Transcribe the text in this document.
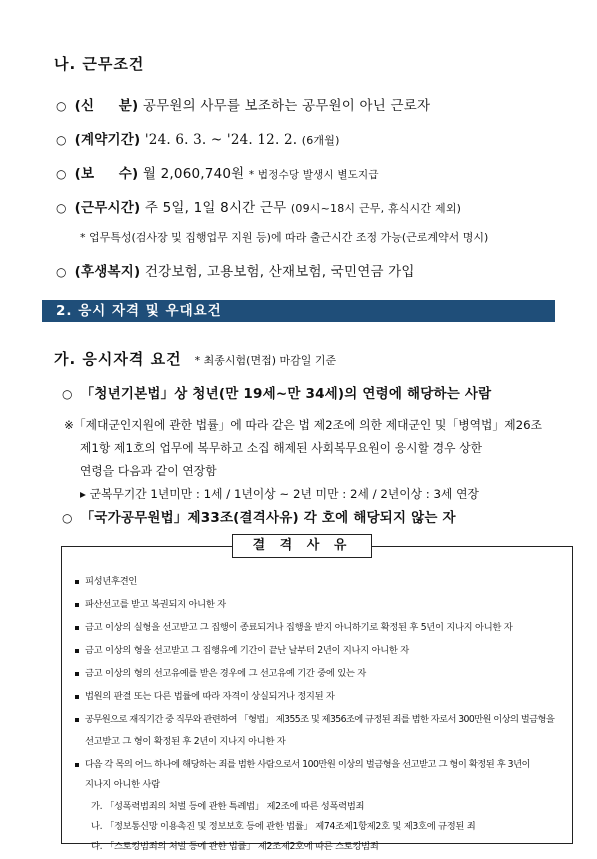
나. 근무조건
○ (신     분) 공무원의 사무를 보조하는 공무원이 아닌 근로자
○ (계약기간) '24. 6. 3. ~ '24. 12. 2. (6개월)
○ (보     수) 월 2,060,740원 * 법정수당 발생시 별도지급
○ (근무시간) 주 5일, 1일 8시간 근무 (09시~18시 근무, 휴식시간 제외)
* 업무특성(검사장 및 집행업무 지원 등)에 따라 출근시간 조정 가능(근로계약서 명시)
○ (후생복지) 건강보험, 고용보험, 산재보험, 국민연금 가입
2. 응시 자격 및 우대요건
가. 응시자격 요건 * 최종시험(면접) 마감일 기준
○ 「청년기본법」상 청년(만 19세~만 34세)의 연령에 해당하는 사람
※「제대군인지원에 관한 법률」에 따라 같은 법 제2조에 의한 제대군인 및「병역법」제26조
제1항 제1호의 업무에 복무하고 소집 해제된 사회복무요원이 응시할 경우 상한
연령을 다음과 같이 연장함
▸ 군복무기간 1년미만 : 1세 / 1년이상 ~ 2년 미만 : 2세 / 2년이상 : 3세 연장
○ 「국가공무원법」제33조(결격사유) 각 호에 해당되지 않는 자
결 격 사 유
피성년후견인
파산선고를 받고 복권되지 아니한 자
금고 이상의 실형을 선고받고 그 집행이 종료되거나 집행을 받지 아니하기로 확정된 후 5년이 지나지 아니한 자
금고 이상의 형을 선고받고 그 집행유예 기간이 끝난 날부터 2년이 지나지 아니한 자
금고 이상의 형의 선고유예를 받은 경우에 그 선고유예 기간 중에 있는 자
법원의 판결 또는 다른 법률에 따라 자격이 상실되거나 정지된 자
공무원으로 재직기간 중 직무와 관련하여 「형법」 제355조 및 제356조에 규정된 죄를 범한 자로서 300만원 이상의 벌금형을
선고받고 그 형이 확정된 후 2년이 지나지 아니한 자
다음 각 목의 어느 하나에 해당하는 죄를 범한 사람으로서 100만원 이상의 벌금형을 선고받고 그 형이 확정된 후 3년이
지나지 아니한 사람
가. 「성폭력범죄의 처벌 등에 관한 특례법」 제2조에 따른 성폭력범죄
나. 「정보통신망 이용촉진 및 정보보호 등에 관한 법률」 제74조제1항제2호 및 제3호에 규정된 죄
다. 「스토킹범죄의 처벌 등에 관한 법률」 제2조제2호에 따른 스토킹범죄
